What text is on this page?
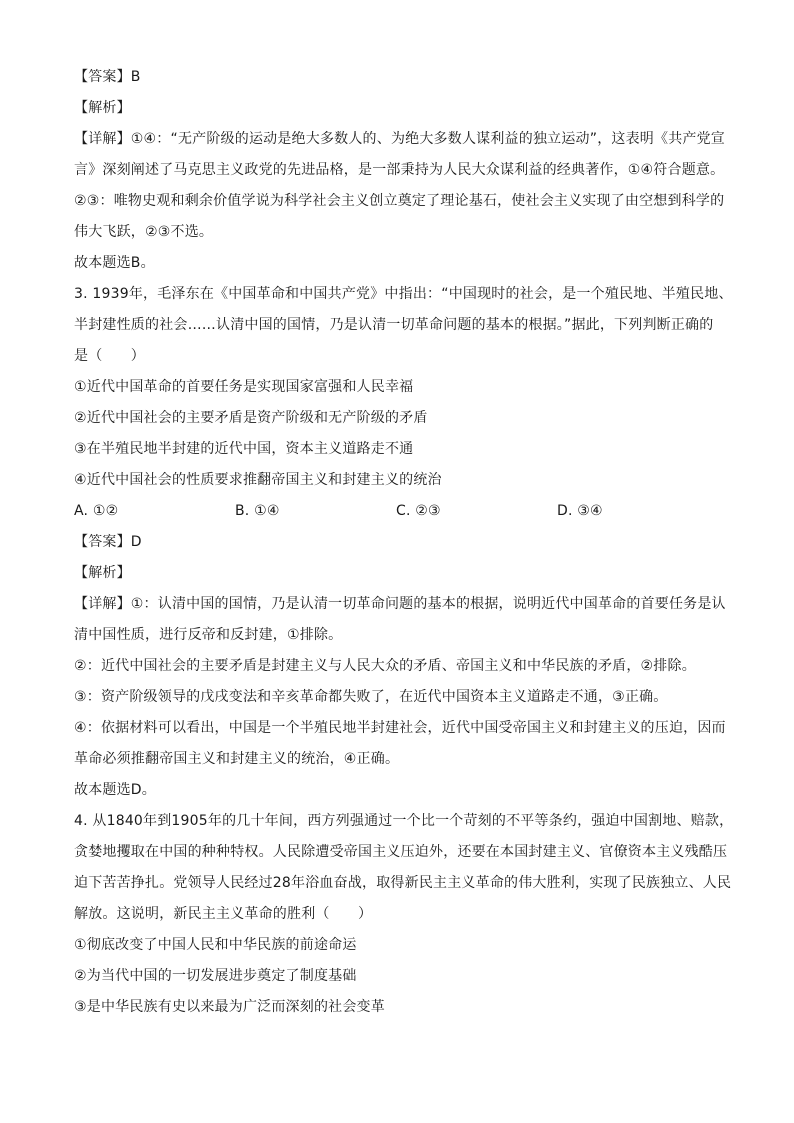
【答案】B
【解析】
【详解】①④：“无产阶级的运动是绝大多数人的、为绝大多数人谋利益的独立运动”，这表明《共产党宣
言》深刻阐述了马克思主义政党的先进品格，是一部秉持为人民大众谋利益的经典著作，①④符合题意。
②③：唯物史观和剩余价值学说为科学社会主义创立奠定了理论基石，使社会主义实现了由空想到科学的
伟大飞跃，②③不选。
故本题选B。
3. 1939年，毛泽东在《中国革命和中国共产党》中指出：“中国现时的社会，是一个殖民地、半殖民地、
半封建性质的社会……认清中国的国情，乃是认清一切革命问题的基本的根据。”据此，下列判断正确的
是（　　）
①近代中国革命的首要任务是实现国家富强和人民幸福
②近代中国社会的主要矛盾是资产阶级和无产阶级的矛盾
③在半殖民地半封建的近代中国，资本主义道路走不通
④近代中国社会的性质要求推翻帝国主义和封建主义的统治
A. ①②	B. ①④	C. ②③	D. ③④
【答案】D
【解析】
【详解】①：认清中国的国情，乃是认清一切革命问题的基本的根据，说明近代中国革命的首要任务是认
清中国性质，进行反帝和反封建，①排除。
②：近代中国社会的主要矛盾是封建主义与人民大众的矛盾、帝国主义和中华民族的矛盾，②排除。
③：资产阶级领导的戊戌变法和辛亥革命都失败了，在近代中国资本主义道路走不通，③正确。
④：依据材料可以看出，中国是一个半殖民地半封建社会，近代中国受帝国主义和封建主义的压迫，因而
革命必须推翻帝国主义和封建主义的统治，④正确。
故本题选D。
4. 从1840年到1905年的几十年间，西方列强通过一个比一个苛刻的不平等条约，强迫中国割地、赔款，
贪婪地攫取在中国的种种特权。人民除遭受帝国主义压迫外，还要在本国封建主义、官僚资本主义残酷压
迫下苦苦挣扎。党领导人民经过28年浴血奋战，取得新民主主义革命的伟大胜利，实现了民族独立、人民
解放。这说明，新民主主义革命的胜利（　　）
①彻底改变了中国人民和中华民族的前途命运
②为当代中国的一切发展进步奠定了制度基础
③是中华民族有史以来最为广泛而深刻的社会变革
